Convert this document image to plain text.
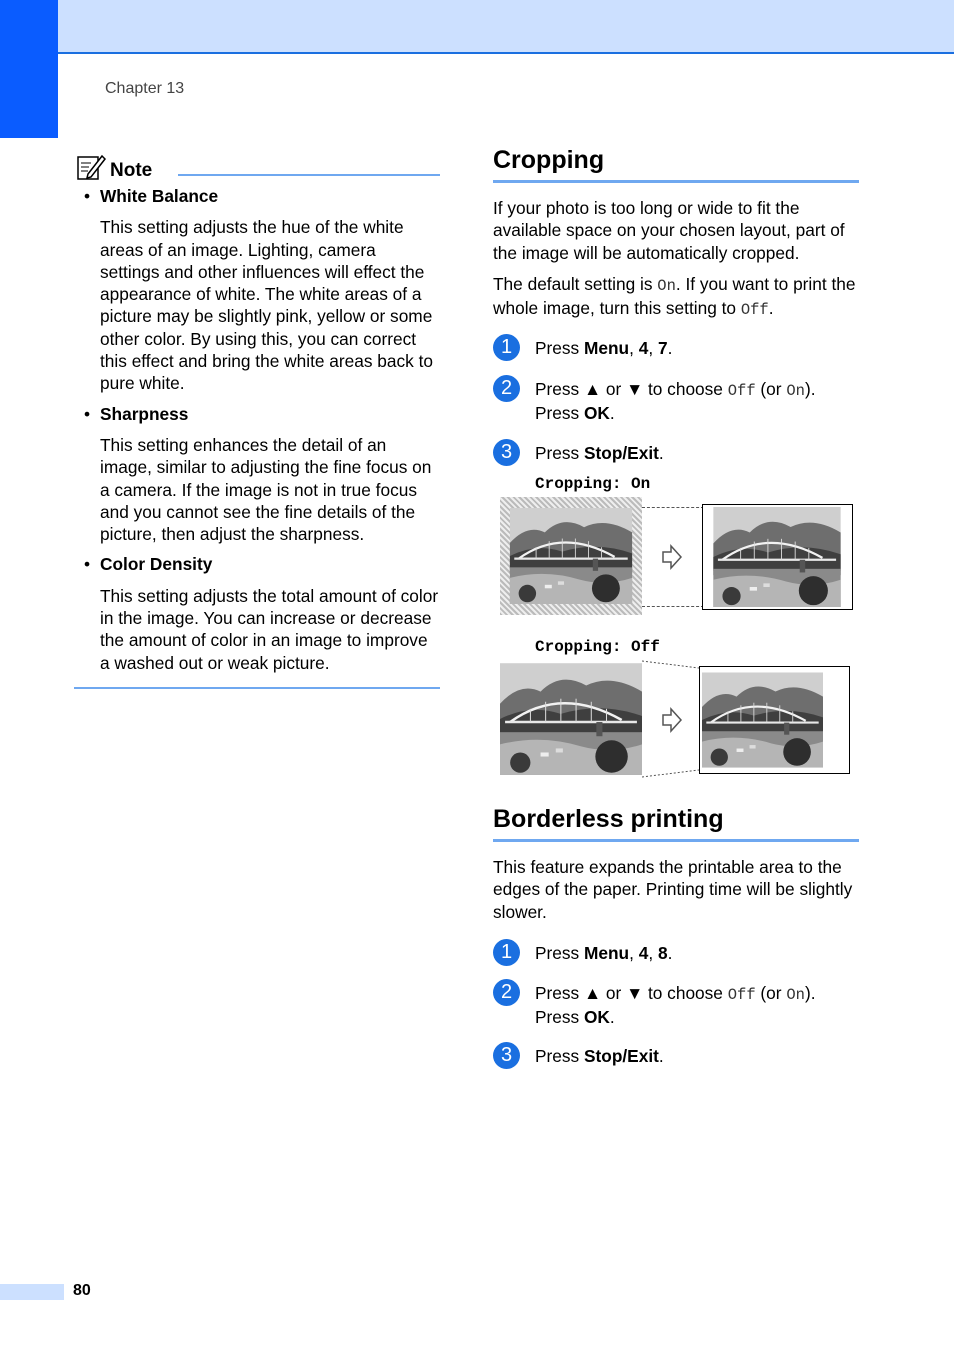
Chapter 13
Note
• White Balance
This setting adjusts the hue of the white areas of an image. Lighting, camera settings and other influences will effect the appearance of white. The white areas of a picture may be slightly pink, yellow or some other color. By using this, you can correct this effect and bring the white areas back to pure white.
• Sharpness
This setting enhances the detail of an image, similar to adjusting the fine focus on a camera. If the image is not in true focus and you cannot see the fine details of the picture, then adjust the sharpness.
• Color Density
This setting adjusts the total amount of color in the image. You can increase or decrease the amount of color in an image to improve a washed out or weak picture.
Cropping
If your photo is too long or wide to fit the available space on your chosen layout, part of the image will be automatically cropped.
The default setting is On. If you want to print the whole image, turn this setting to Off.
1	Press Menu, 4, 7.
2	Press ▲ or ▼ to choose Off (or On).
Press OK.
3	Press Stop/Exit.
Cropping: On
Cropping: Off
Borderless printing
This feature expands the printable area to the edges of the paper. Printing time will be slightly slower.
1	Press Menu, 4, 8.
2	Press ▲ or ▼ to choose Off (or On).
Press OK.
3	Press Stop/Exit.
80
